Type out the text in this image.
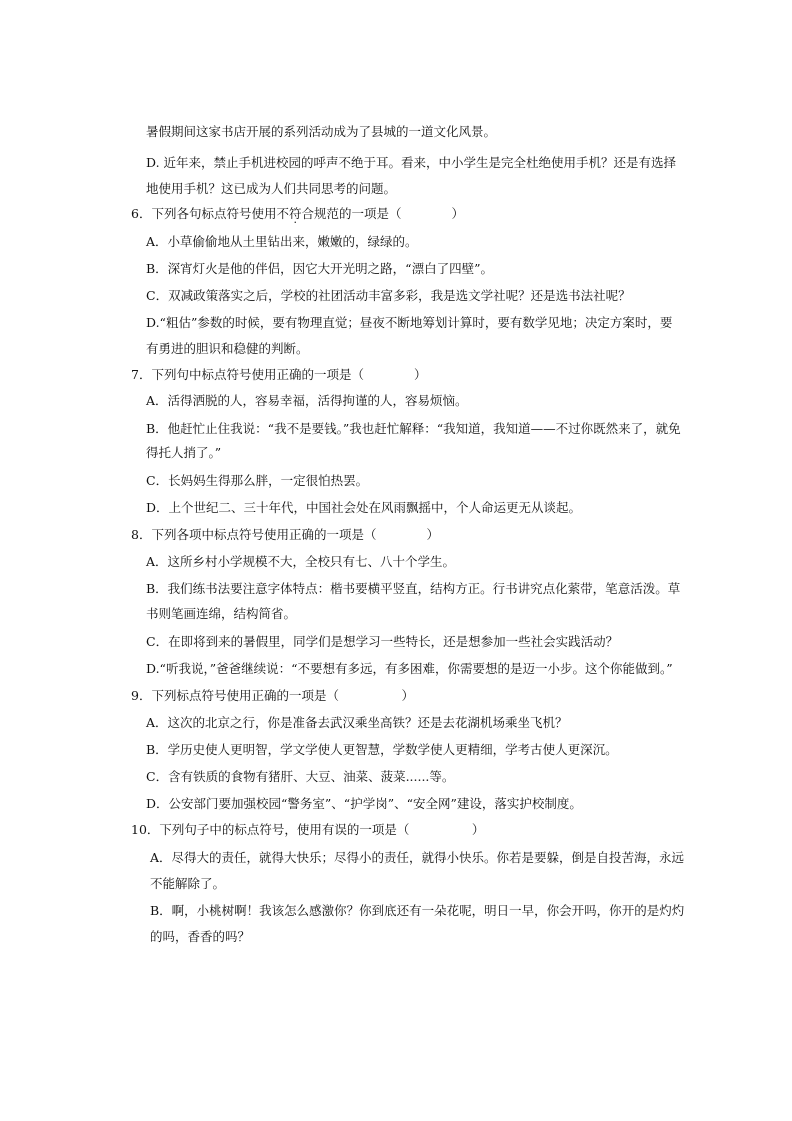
暑假期间这家书店开展的系列活动成为了县城的一道文化风景。
D. 近年来，禁止手机进校园的呼声不绝于耳。看来，中小学生是完全杜绝使用手机？还是有选择
地使用手机？这已成为人们共同思考的问题。
6．下列各句标点符号使用不符合规范的一项是（　　　　）
A．小草偷偷地从土里钻出来，嫩嫩的，绿绿的。
B．深宵灯火是他的伴侣，因它大开光明之路，“漂白了四壁”。
C．双减政策落实之后，学校的社团活动丰富多彩，我是选文学社呢？还是选书法社呢？
D.“粗估”参数的时候，要有物理直觉；昼夜不断地筹划计算时，要有数学见地；决定方案时，要
有勇进的胆识和稳健的判断。
7．下列句中标点符号使用正确的一项是（　　　　）
A．活得洒脱的人，容易幸福，活得拘谨的人，容易烦恼。
B．他赶忙止住我说：“我不是要钱。”我也赶忙解释：“我知道，我知道——不过你既然来了，就免
得托人捎了。”
C．长妈妈生得那么胖，一定很怕热罢。
D．上个世纪二、三十年代，中国社会处在风雨飘摇中，个人命运更无从谈起。
8．下列各项中标点符号使用正确的一项是（　　　　）
A．这所乡村小学规模不大，全校只有七、八十个学生。
B．我们练书法要注意字体特点：楷书要横平竖直，结构方正。行书讲究点化萦带，笔意活泼。草
书则笔画连绵，结构简省。
C．在即将到来的暑假里，同学们是想学习一些特长，还是想参加一些社会实践活动？
D.“听我说，”爸爸继续说：“不要想有多远，有多困难，你需要想的是迈一小步。这个你能做到。”
9．下列标点符号使用正确的一项是（　　　　　）
A．这次的北京之行，你是准备去武汉乘坐高铁？还是去花湖机场乘坐飞机？
B．学历史使人更明智，学文学使人更智慧，学数学使人更精细，学考古使人更深沉。
C．含有铁质的食物有猪肝、大豆、油菜、菠菜......等。
D．公安部门要加强校园“警务室”、“护学岗”、“安全网”建设，落实护校制度。
10．下列句子中的标点符号，使用有误的一项是（　　　　　）
A．尽得大的责任，就得大快乐；尽得小的责任，就得小快乐。你若是要躲，倒是自投苦海，永远
不能解除了。
B．啊，小桃树啊！我该怎么感激你？你到底还有一朵花呢，明日一早，你会开吗，你开的是灼灼
的吗，香香的吗？
